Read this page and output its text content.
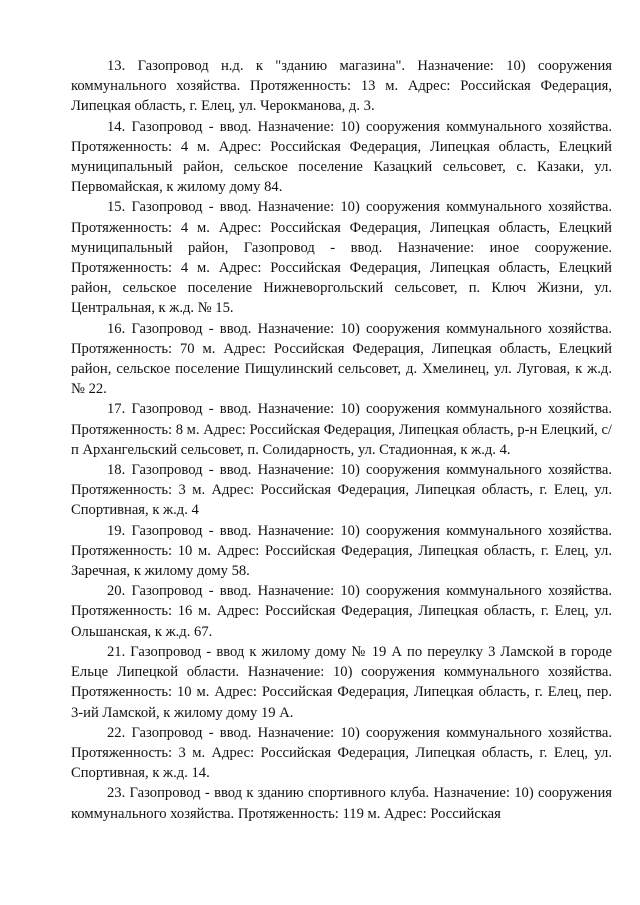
13. Газопровод н.д. к "зданию магазина". Назначение: 10) сооружения коммунального хозяйства. Протяженность: 13 м. Адрес: Российская Федерация, Липецкая область, г. Елец, ул. Черокманова, д. 3.

14. Газопровод - ввод. Назначение: 10) сооружения коммунального хозяйства. Протяженность: 4 м. Адрес: Российская Федерация, Липецкая область, Елецкий муниципальный район, сельское поселение Казацкий сельсовет, с. Казаки, ул. Первомайская, к жилому дому 84.

15. Газопровод - ввод. Назначение: 10) сооружения коммунального хозяйства. Протяженность: 4 м. Адрес: Российская Федерация, Липецкая область, Елецкий муниципальный район, Газопровод - ввод. Назначение: иное сооружение. Протяженность: 4 м. Адрес: Российская Федерация, Липецкая область, Елецкий район, сельское поселение Нижневоргольский сельсовет, п. Ключ Жизни, ул. Центральная, к ж.д. № 15.

16. Газопровод - ввод. Назначение: 10) сооружения коммунального хозяйства. Протяженность: 70 м. Адрес: Российская Федерация, Липецкая область, Елецкий район, сельское поселение Пищулинский сельсовет, д. Хмелинец, ул. Луговая, к ж.д. № 22.

17. Газопровод - ввод. Назначение: 10) сооружения коммунального хозяйства. Протяженность: 8 м. Адрес: Российская Федерация, Липецкая область, р-н Елецкий, с/п Архангельский сельсовет, п. Солидарность, ул. Стадионная, к ж.д. 4.

18. Газопровод - ввод. Назначение: 10) сооружения коммунального хозяйства. Протяженность: 3 м. Адрес: Российская Федерация, Липецкая область, г. Елец, ул. Спортивная, к ж.д. 4

19. Газопровод - ввод. Назначение: 10) сооружения коммунального хозяйства. Протяженность: 10 м. Адрес: Российская Федерация, Липецкая область, г. Елец, ул. Заречная, к жилому дому 58.

20. Газопровод - ввод. Назначение: 10) сооружения коммунального хозяйства. Протяженность: 16 м. Адрес: Российская Федерация, Липецкая область, г. Елец, ул. Ольшанская, к ж.д. 67.

21. Газопровод - ввод к жилому дому № 19 А по переулку 3 Ламской в городе Ельце Липецкой области. Назначение: 10) сооружения коммунального хозяйства. Протяженность: 10 м. Адрес: Российская Федерация, Липецкая область, г. Елец, пер. 3-ий Ламской, к жилому дому 19 А.

22. Газопровод - ввод. Назначение: 10) сооружения коммунального хозяйства. Протяженность: 3 м. Адрес: Российская Федерация, Липецкая область, г. Елец, ул. Спортивная, к ж.д. 14.

23. Газопровод - ввод к зданию спортивного клуба. Назначение: 10) сооружения коммунального хозяйства. Протяженность: 119 м. Адрес: Российская
